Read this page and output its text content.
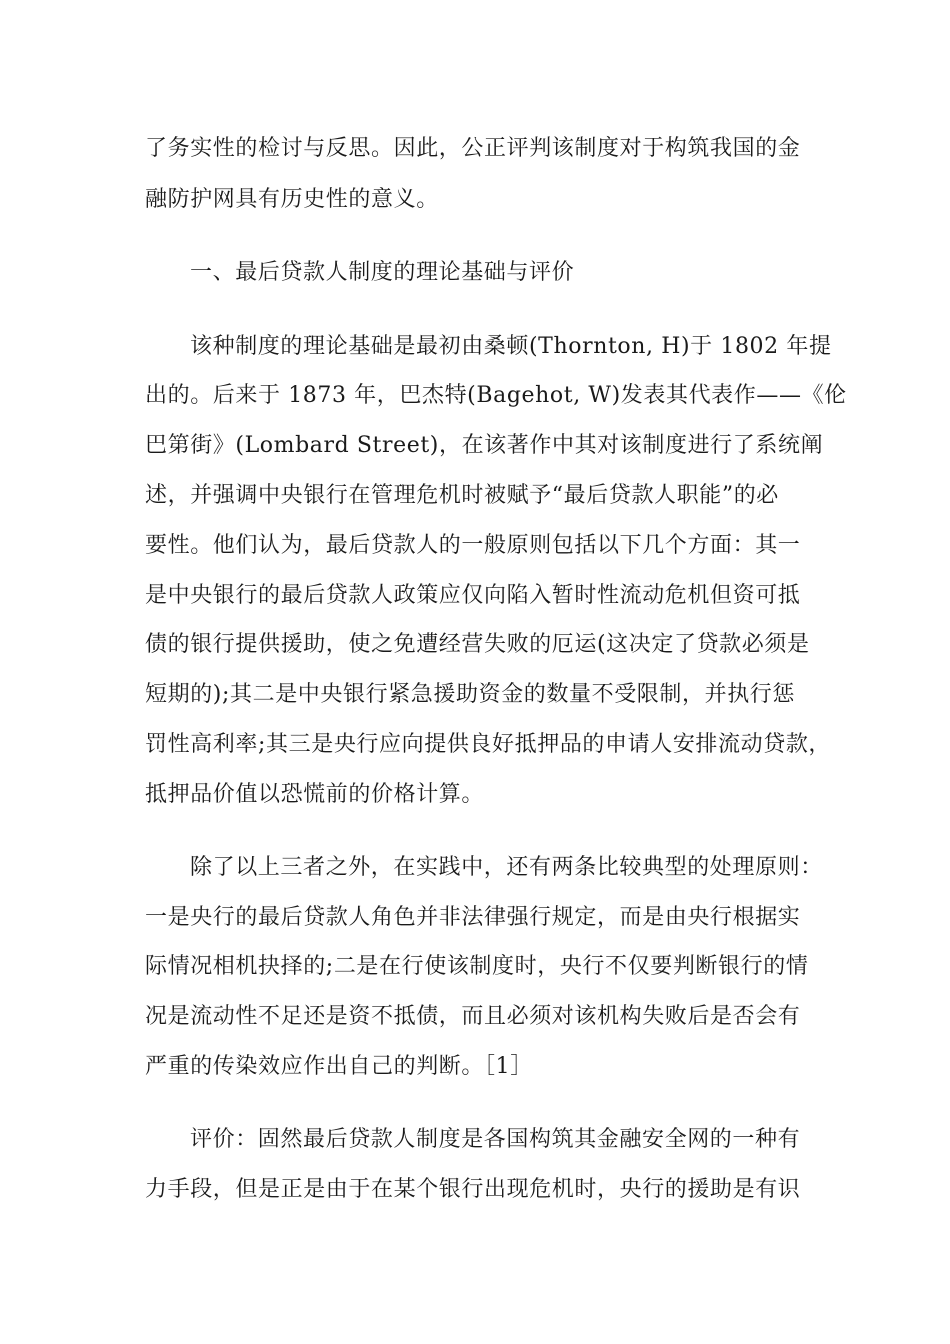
了务实性的检讨与反思。因此，公正评判该制度对于构筑我国的金
融防护网具有历史性的意义。
一、最后贷款人制度的理论基础与评价
该种制度的理论基础是最初由桑顿(Thornton, H)于 1802 年提
出的。后来于 1873 年，巴杰特(Bagehot, W)发表其代表作——《伦
巴第街》(Lombard Street)，在该著作中其对该制度进行了系统阐
述，并强调中央银行在管理危机时被赋予“最后贷款人职能”的必
要性。他们认为，最后贷款人的一般原则包括以下几个方面：其一
是中央银行的最后贷款人政策应仅向陷入暂时性流动危机但资可抵
债的银行提供援助，使之免遭经营失败的厄运(这决定了贷款必须是
短期的);其二是中央银行紧急援助资金的数量不受限制，并执行惩
罚性高利率;其三是央行应向提供良好抵押品的申请人安排流动贷款，
抵押品价值以恐慌前的价格计算。
除了以上三者之外，在实践中，还有两条比较典型的处理原则：
一是央行的最后贷款人角色并非法律强行规定，而是由央行根据实
际情况相机抉择的;二是在行使该制度时，央行不仅要判断银行的情
况是流动性不足还是资不抵债，而且必须对该机构失败后是否会有
严重的传染效应作出自己的判断。［1］
评价：固然最后贷款人制度是各国构筑其金融安全网的一种有
力手段，但是正是由于在某个银行出现危机时，央行的援助是有识
